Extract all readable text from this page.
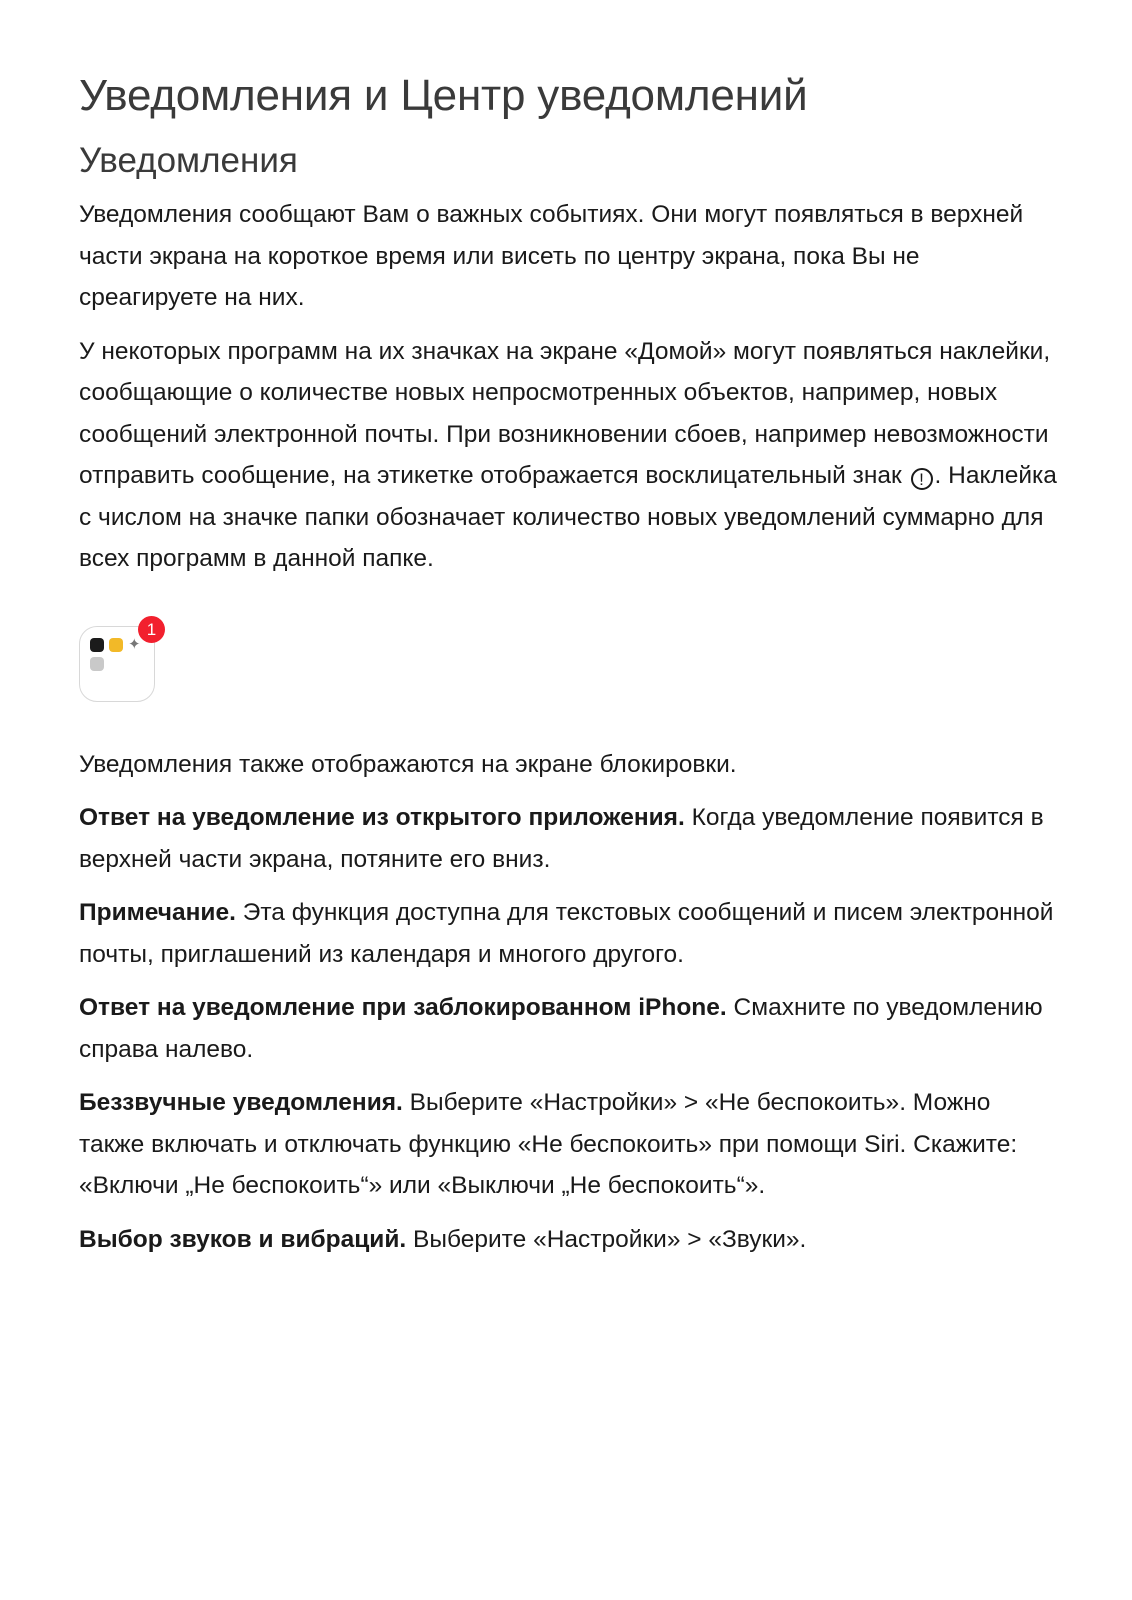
Уведомления и Центр уведомлений
Уведомления

Уведомления сообщают Вам о важных событиях. Они могут появляться в верхней части экрана на короткое время или висеть по центру экрана, пока Вы не среагируете на них.

У некоторых программ на их значках на экране «Домой» могут появляться наклейки, сообщающие о количестве новых непросмотренных объектов, например, новых сообщений электронной почты. При возникновении сбоев, например невозможности отправить сообщение, на этикетке отображается восклицательный знак ! . Наклейка с числом на значке папки обозначает количество новых уведомлений суммарно для всех программ в данной папке.

✦
1

Уведомления также отображаются на экране блокировки.

Ответ на уведомление из открытого приложения. Когда уведомление появится в верхней части экрана, потяните его вниз.

Примечание. Эта функция доступна для текстовых сообщений и писем электронной почты, приглашений из календаря и многого другого.

Ответ на уведомление при заблокированном iPhone. Смахните по уведомлению справа налево.

Беззвучные уведомления. Выберите «Настройки» > «Не беспокоить». Можно также включать и отключать функцию «Не беспокоить» при помощи Siri. Скажите: «Включи „Не беспокоить“» или «Выключи „Не беспокоить“».

Выбор звуков и вибраций. Выберите «Настройки» > «Звуки».
